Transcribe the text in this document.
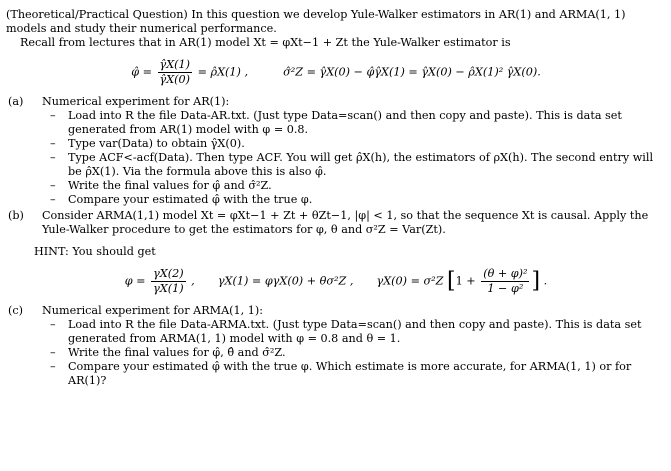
(Theoretical/Practical Question) In this question we develop Yule-Walker estimators in AR(1) and ARMA(1, 1) models and study their numerical performance.

Recall from lectures that in AR(1) model Xt = φXt−1 + Zt the Yule-Walker estimator is

φ̂ = $\frac{\gammâX(1)}{\gammâX(0)}$ = ρ̂X(1) ,	σ̂²Z = γ̂X(0) − φ̂γ̂X(1) = γ̂X(0) − ρ̂X(1)² γ̂X(0).
(a) Numerical experiment for AR(1):

– Load into R the file Data-AR.txt. (Just type Data=scan() and then copy and paste). This is data set generated from AR(1) model with φ = 0.8.
– Type var(Data) to obtain γ̂X(0).
– Type ACF<-acf(Data). Then type ACF. You will get ρ̂X(h), the estimators of ρX(h). The second entry will be ρ̂X(1). Via the formula above this is also φ̂.
– Write the final values for φ̂ and σ̂²Z.
– Compare your estimated φ̂ with the true φ.
(b) Consider ARMA(1,1) model Xt = φXt−1 + Zt + θZt−1, |φ| < 1, so that the sequence Xt is causal. Apply the Yule-Walker procedure to get the estimators for φ, θ and σ²Z = Var(Zt).

HINT: You should get

$\varphi = \frac{\gamma X(2)}{\gamma X(1)}$ , γX(1) = φγX(0) + θσ²Z , γX(0) = σ²Z [$1 + \frac{\text{(θ + φ)²}}{\text{1 − φ²}}$ ] .
(c) Numerical experiment for ARMA(1, 1):

– Load into R the file Data-ARMA.txt. (Just type Data=scan() and then copy and paste). This is data set generated from ARMA(1, 1) model with φ = 0.8 and θ = 1.
– Write the final values for φ̂, θ̂ and σ̂²Z.
– Compare your estimated φ̂ with the true φ. Which estimate is more accurate, for ARMA(1, 1) or for AR(1)?
